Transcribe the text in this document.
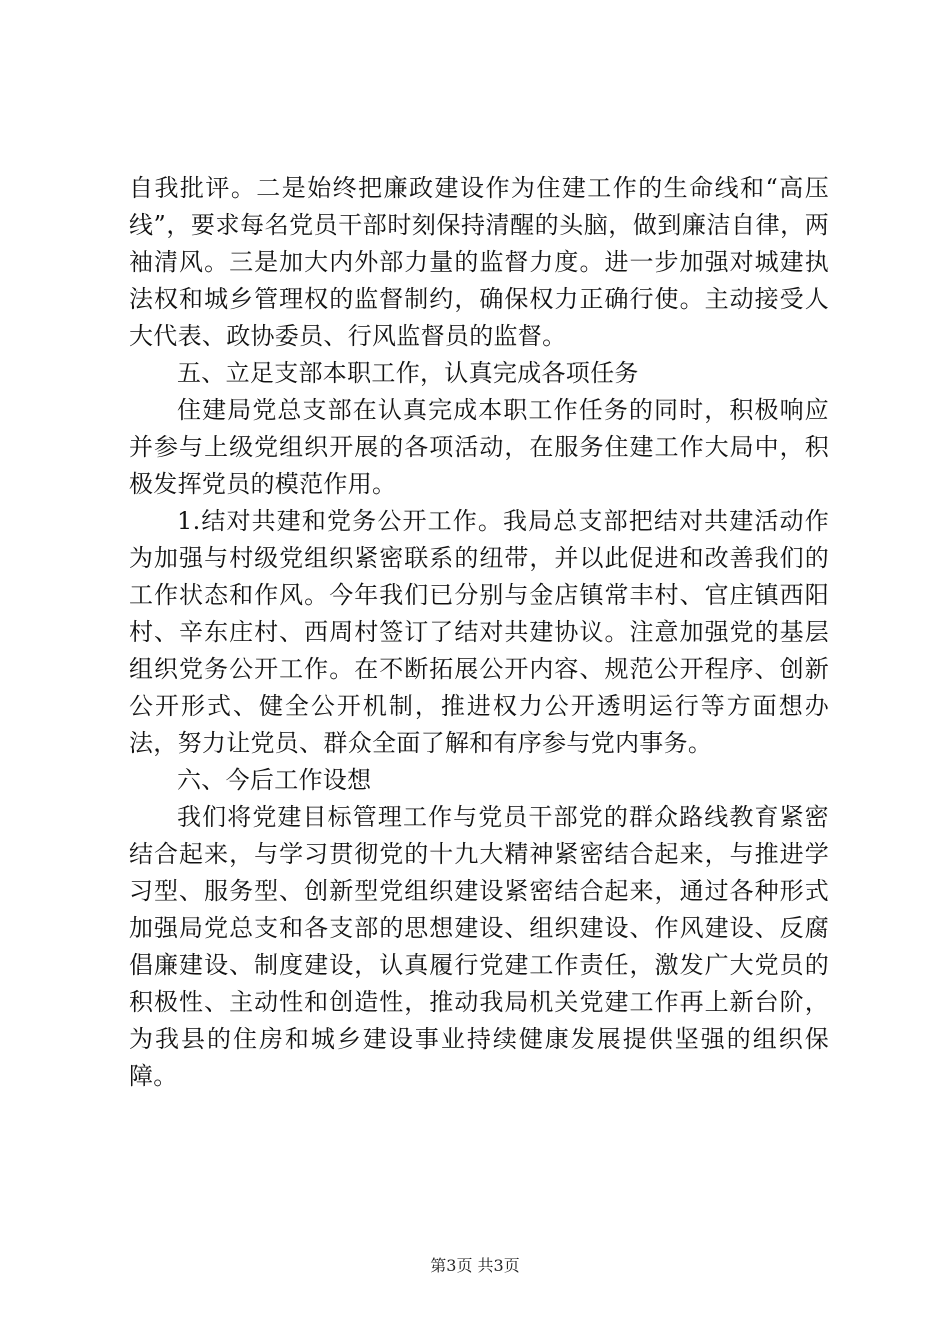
自我批评。二是始终把廉政建设作为住建工作的生命线和“高压线”，要求每名党员干部时刻保持清醒的头脑，做到廉洁自律，两袖清风。三是加大内外部力量的监督力度。进一步加强对城建执法权和城乡管理权的监督制约，确保权力正确行使。主动接受人大代表、政协委员、行风监督员的监督。

五、立足支部本职工作，认真完成各项任务

住建局党总支部在认真完成本职工作任务的同时，积极响应并参与上级党组织开展的各项活动，在服务住建工作大局中，积极发挥党员的模范作用。

1.结对共建和党务公开工作。我局总支部把结对共建活动作为加强与村级党组织紧密联系的纽带，并以此促进和改善我们的工作状态和作风。今年我们已分别与金店镇常丰村、官庄镇西阳村、辛东庄村、西周村签订了结对共建协议。注意加强党的基层组织党务公开工作。在不断拓展公开内容、规范公开程序、创新公开形式、健全公开机制，推进权力公开透明运行等方面想办法，努力让党员、群众全面了解和有序参与党内事务。

六、今后工作设想

我们将党建目标管理工作与党员干部党的群众路线教育紧密结合起来，与学习贯彻党的十九大精神紧密结合起来，与推进学习型、服务型、创新型党组织建设紧密结合起来，通过各种形式加强局党总支和各支部的思想建设、组织建设、作风建设、反腐倡廉建设、制度建设，认真履行党建工作责任，激发广大党员的积极性、主动性和创造性，推动我局机关党建工作再上新台阶，为我县的住房和城乡建设事业持续健康发展提供坚强的组织保障。

第3页 共3页
